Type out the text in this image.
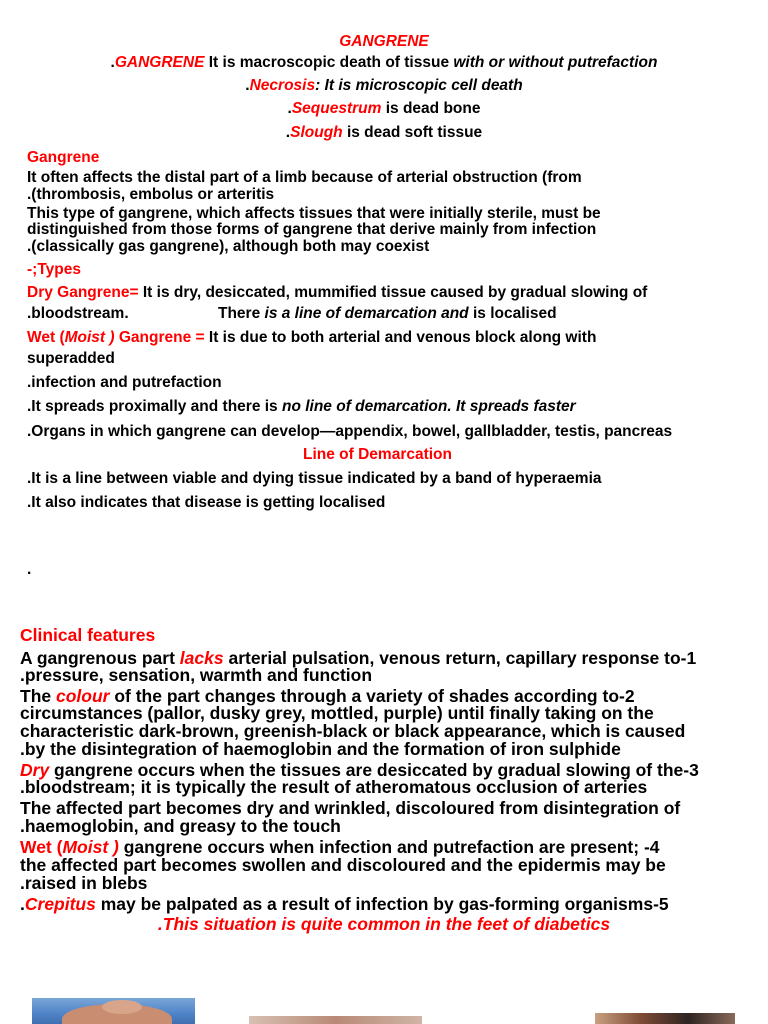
GANGRENE
.GANGRENE It is macroscopic death of tissue with or without putrefaction
.Necrosis: It is microscopic cell death
.Sequestrum is dead bone
.Slough is dead soft tissue
Gangrene
It often affects the distal part of a limb because of arterial obstruction (from
.(thrombosis, embolus or arteritis
This type of gangrene, which affects tissues that were initially sterile, must be
distinguished from those forms of gangrene that derive mainly from infection
.(classically gas gangrene), although both may coexist
-;Types
Dry Gangrene= It is dry, desiccated, mummified tissue caused by gradual slowing of
.bloodstream.	There is a line of demarcation and is localised
Wet (Moist ) Gangrene = It is due to both arterial and venous block along with
superadded
.infection and putrefaction
.It spreads proximally and there is no line of demarcation. It spreads faster
.Organs in which gangrene can develop—appendix, bowel, gallbladder, testis, pancreas
Line of Demarcation
.It is a line between viable and dying tissue indicated by a band of hyperaemia
.It also indicates that disease is getting localised
.
Clinical features
A gangrenous part lacks arterial pulsation, venous return, capillary response to-1
.pressure, sensation, warmth and function
The colour of the part changes through a variety of shades according to-2
circumstances (pallor, dusky grey, mottled, purple) until finally taking on the
characteristic dark-brown, greenish-black or black appearance, which is caused
.by the disintegration of haemoglobin and the formation of iron sulphide
Dry gangrene occurs when the tissues are desiccated by gradual slowing of the-3
.bloodstream; it is typically the result of atheromatous occlusion of arteries
The affected part becomes dry and wrinkled, discoloured from disintegration of
.haemoglobin, and greasy to the touch
Wet (Moist ) gangrene occurs when infection and putrefaction are present; -4
the affected part becomes swollen and discoloured and the epidermis may be
.raised in blebs
.Crepitus may be palpated as a result of infection by gas-forming organisms-5
.This situation is quite common in the feet of diabetics
